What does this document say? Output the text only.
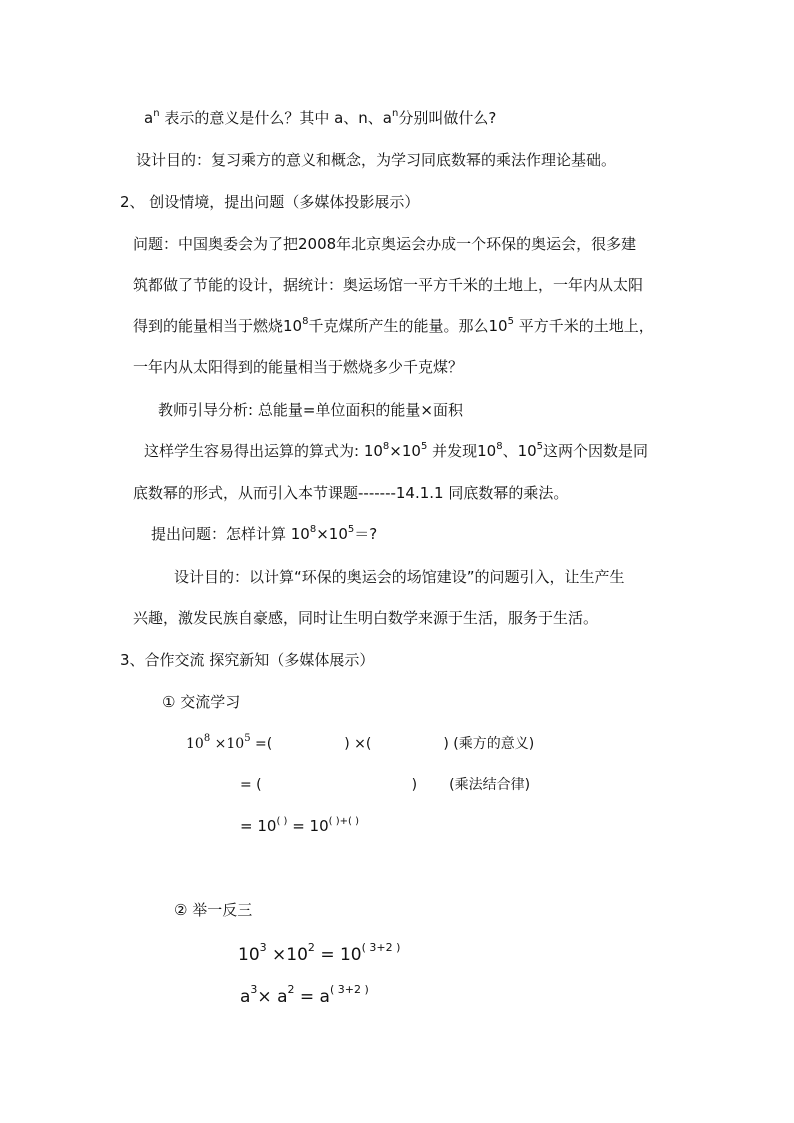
$a^n$ 表示的意义是什么？其中 a、n、$a^n$分别叫做什么?
设计目的：复习乘方的意义和概念，为学习同底数幂的乘法作理论基础。
2、 创设情境，提出问题（多媒体投影展示）
问题：中国奥委会为了把2008年北京奥运会办成一个环保的奥运会，很多建
筑都做了节能的设计，据统计：奥运场馆一平方千米的土地上，一年内从太阳
得到的能量相当于燃烧$10^8$千克煤所产生的能量。那么$10^5$ 平方千米的土地上，
一年内从太阳得到的能量相当于燃烧多少千克煤？
教师引导分析: 总能量=单位面积的能量×面积
这样学生容易得出运算的算式为: $10^8\times 10^5$ 并发现$10^8$、$10^5$这两个因数是同
底数幂的形式，从而引入本节课题-------14.1.1 同底数幂的乘法。
提出问题：怎样计算 $10^8\times 10^5=$?
设计目的：以计算“环保的奥运会的场馆建设”的问题引入，让生产生
兴趣，激发民族自豪感，同时让生明白数学来源于生活，服务于生活。
3、合作交流 探究新知（多媒体展示）
① 交流学习
$10^8 \times 10^5$ =(	) ×(	) (乘方的意义)
= (	) (乘法结合律)
= 10( ) = 10( )+( )
② 举一反三
$10^3 \times 10^2 = 10^{( 3+2 )}$
$a^3\times a^2 = a^{( 3+2 )}$
